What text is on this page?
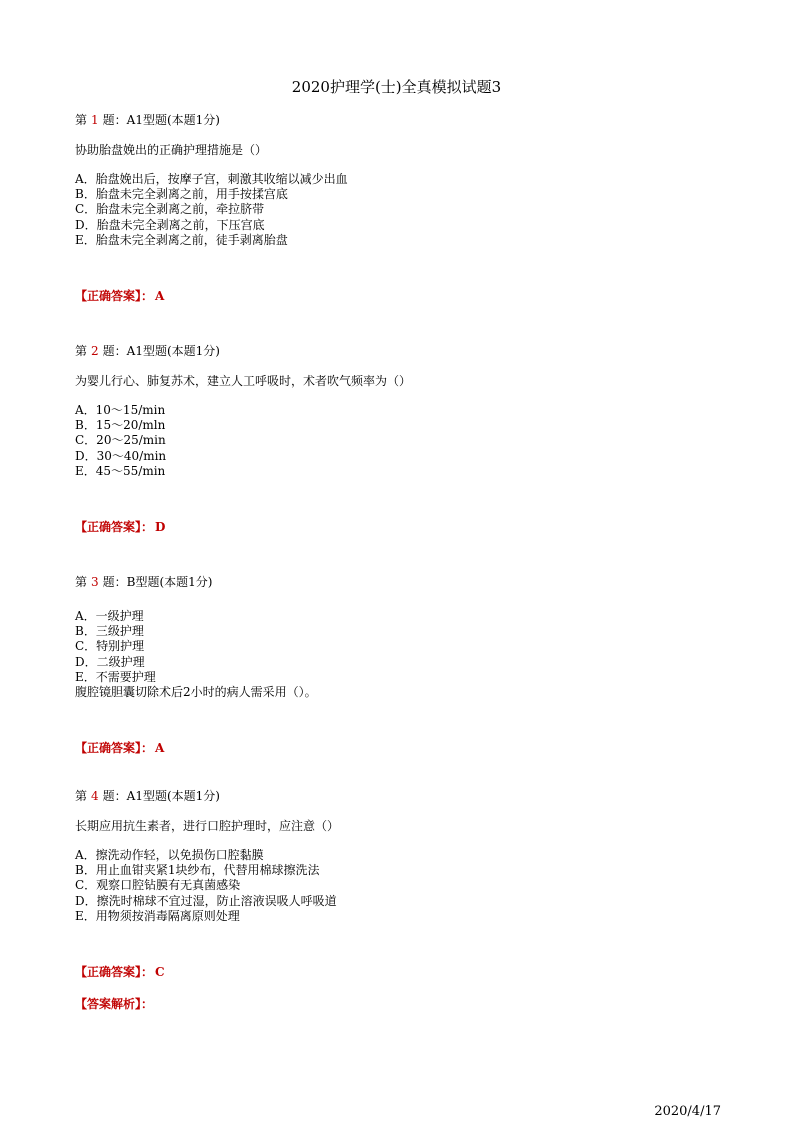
2020护理学(士)全真模拟试题3
第 1 题：A1型题(本题1分)
协助胎盘娩出的正确护理措施是（）
A．胎盘娩出后，按摩子宫，刺激其收缩以减少出血
B．胎盘未完全剥离之前，用手按揉宫底
C．胎盘未完全剥离之前，牵拉脐带
D．胎盘未完全剥离之前，下压宫底
E．胎盘未完全剥离之前，徒手剥离胎盘
【正确答案】： A
第 2 题：A1型题(本题1分)
为婴儿行心、肺复苏术，建立人工呼吸时，术者吹气频率为（）
A．10～15/min
B．15～20/mln
C．20～25/min
D．30～40/min
E．45～55/min
【正确答案】： D
第 3 题：B型题(本题1分)
A．一级护理
B．三级护理
C．特别护理
D．二级护理
E．不需要护理
腹腔镜胆囊切除术后2小时的病人需采用（）。
【正确答案】： A
第 4 题：A1型题(本题1分)
长期应用抗生素者，进行口腔护理时，应注意（）
A．擦洗动作轻，以免损伤口腔黏膜
B．用止血钳夹紧1块纱布，代替用棉球擦洗法
C．观察口腔钻膜有无真菌感染
D．擦洗时棉球不宜过湿，防止溶液误吸人呼吸道
E．用物须按消毒隔离原则处理
【正确答案】： C
【答案解析】：
2020/4/17
